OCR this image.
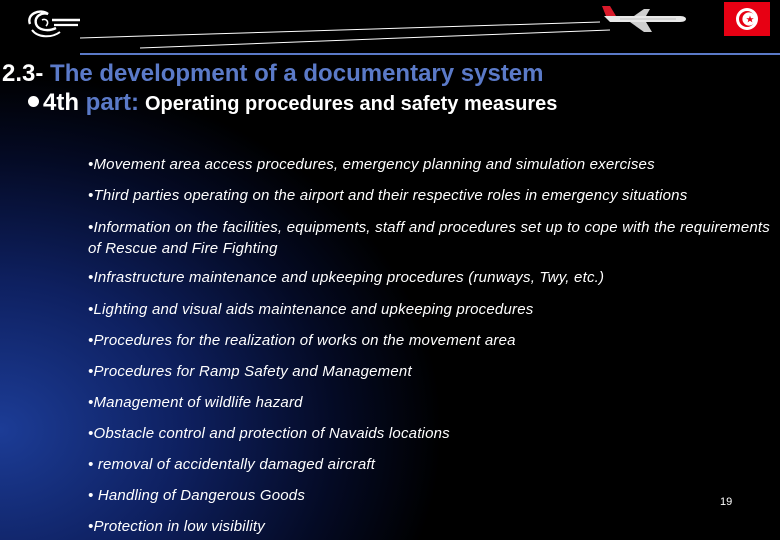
2.3- The development of a documentary system
4th part: Operating procedures and safety measures
•Movement area access procedures, emergency planning and simulation exercises
•Third parties operating on the airport and their respective roles in emergency situations
•Information on the facilities, equipments, staff and procedures set up to cope with the requirements of Rescue and Fire Fighting
•Infrastructure maintenance and upkeeping procedures (runways, Twy, etc.)
•Lighting and visual aids maintenance and upkeeping procedures
•Procedures for the realization of works on the movement area
•Procedures for Ramp Safety and Management
•Management of wildlife hazard
•Obstacle control and protection of Navaids locations
• removal of accidentally damaged aircraft
• Handling of Dangerous Goods
•Protection in low visibility
19
